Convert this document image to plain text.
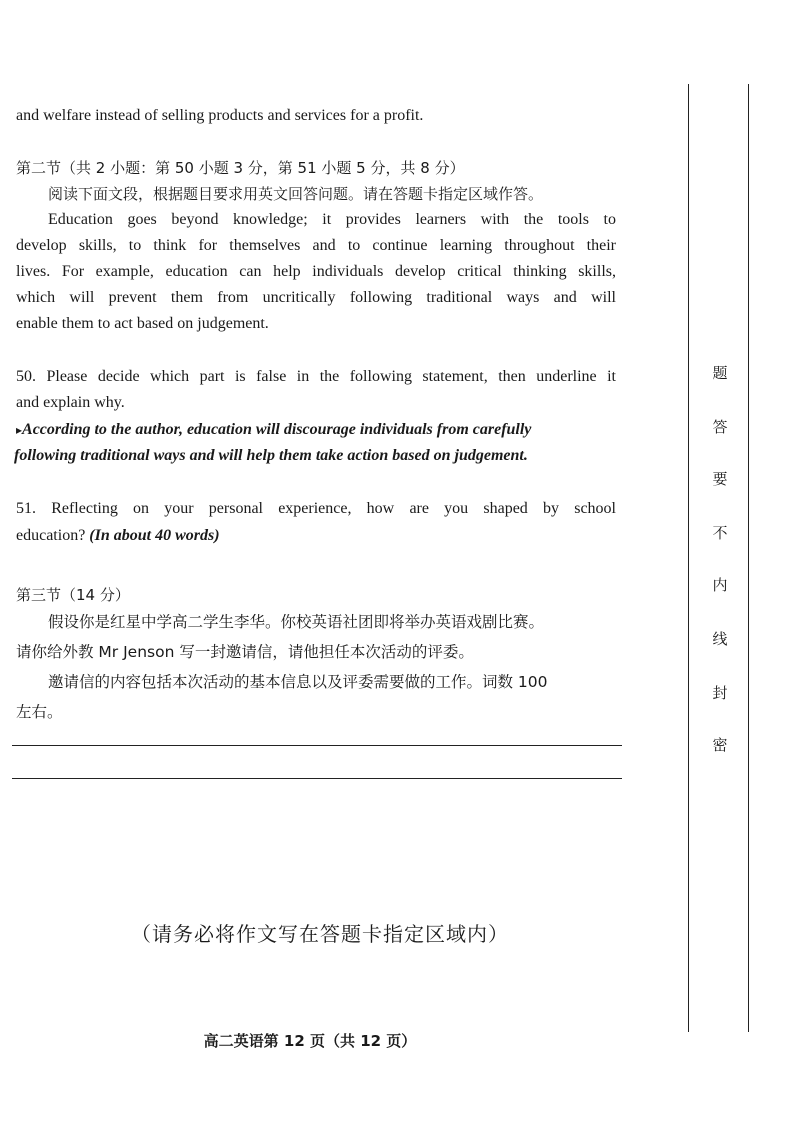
and welfare instead of selling products and services for a profit.
第二节（共 2 小题：第 50 小题 3 分，第 51 小题 5 分，共 8 分）
阅读下面文段，根据题目要求用英文回答问题。请在答题卡指定区域作答。
Education goes beyond knowledge; it provides learners with the tools to
develop skills, to think for themselves and to continue learning throughout their
lives. For example, education can help individuals develop critical thinking skills,
which will prevent them from uncritically following traditional ways and will
enable them to act based on judgement.
50. Please decide which part is false in the following statement, then underline it
and explain why.
▸According to the author, education will discourage individuals from carefully
following traditional ways and will help them take action based on judgement.
51. Reflecting on your personal experience, how are you shaped by school
education? (In about 40 words)
第三节（14 分）
假设你是红星中学高二学生李华。你校英语社团即将举办英语戏剧比赛。
请你给外教 Mr Jenson 写一封邀请信，请他担任本次活动的评委。
邀请信的内容包括本次活动的基本信息以及评委需要做的工作。词数 100
左右。
（请务必将作文写在答题卡指定区域内）
高二英语第 12 页（共 12 页）
题
答
要
不
内
线
封
密
